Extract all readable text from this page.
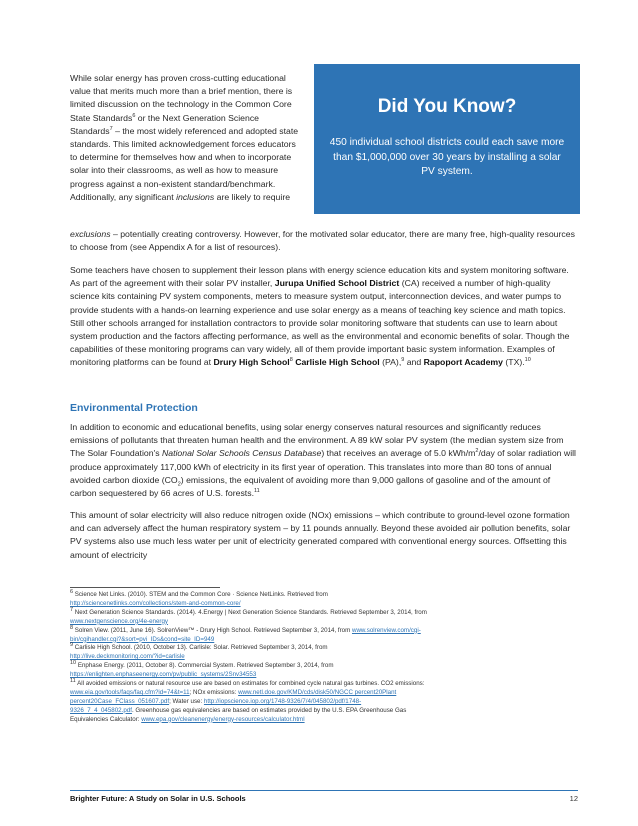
Did You Know?
450 individual school districts could each save more than $1,000,000 over 30 years by installing a solar PV system.

While solar energy has proven cross-cutting educational value that merits much more than a brief mention, there is limited discussion on the technology in the Common Core State Standards$^6$ or the Next Generation Science Standards$^7$ – the most widely referenced and adopted state standards. This limited acknowledgement forces educators to determine for themselves how and when to incorporate solar into their classrooms, as well as how to measure progress against a non-existent standard/benchmark. Additionally, any significant inclusions are likely to require

exclusions – potentially creating controversy. However, for the motivated solar educator, there are many free, high-quality resources to choose from (see Appendix A for a list of resources).

Some teachers have chosen to supplement their lesson plans with energy science education kits and system monitoring software. As part of the agreement with their solar PV installer, Jurupa Unified School District (CA) received a number of high-quality science kits containing PV system components, meters to measure system output, interconnection devices, and water pumps to provide students with a hands-on learning experience and use solar energy as a means of teaching key science and math topics. Still other schools arranged for installation contractors to provide solar monitoring software that students can use to learn about system production and the factors affecting performance, as well as the environmental and economic benefits of solar. Though the capabilities of these monitoring programs can vary widely, all of them provide important basic system information. Examples of monitoring platforms can be found at Drury High School$^8$ Carlisle High School (PA),$^9$ and Rapoport Academy (TX).$^{10}$

Environmental Protection

In addition to economic and educational benefits, using solar energy conserves natural resources and significantly reduces emissions of pollutants that threaten human health and the environment. A 89 kW solar PV system (the median system size from The Solar Foundation's National Solar Schools Census Database) that receives an average of 5.0 kWh/$m^2$/day of solar radiation will produce approximately 117,000 kWh of electricity in its first year of operation. This translates into more than 80 tons of annual avoided carbon dioxide $(CO_2)$ emissions, the equivalent of avoiding more than 9,000 gallons of gasoline and of the amount of carbon sequestered by 66 acres of U.S. forests.$^{11}$

This amount of solar electricity will also reduce nitrogen oxide (NOx) emissions – which contribute to ground-level ozone formation and can adversely affect the human respiratory system – by 11 pounds annually. Beyond these avoided air pollution benefits, solar PV systems also use much less water per unit of electricity generated compared with conventional energy sources. Offsetting this amount of electricity

$^6$ Science Net Links. (2010). STEM and the Common Core · Science NetLinks. Retrieved from
http://sciencenetlinks.com/collections/stem-and-common-core/
$^7$ Next Generation Science Standards. (2014). 4.Energy | Next Generation Science Standards. Retrieved September 3, 2014, from
www.nextgenscience.org/4e-energy
$^8$ Solren View. (2011, June 16). SolrenView™ - Drury High School. Retrieved September 3, 2014, from www.solrenview.com/cgi-
bin/cgihandler.cgi?&sort=pvi_IDs&cond=site_ID=949
$^9$ Carlisle High School. (2010, October 13). Carlisle: Solar. Retrieved September 3, 2014, from
http://live.deckmonitoring.com/?id=carlisle
$^{10}$ Enphase Energy. (2011, October 8). Commercial System. Retrieved September 3, 2014, from
https://enlighten.enphaseenergy.com/pv/public_systems/2Snv34553
$^{11}$ All avoided emissions or natural resource use are based on estimates for combined cycle natural gas turbines. CO2 emissions:
www.eia.gov/tools/faqs/faq.cfm?id=74&t=11; NOx emissions: www.netl.doe.gov/KMD/cds/disk50/NGCC percent20Plant
percent20Case_FClass_051607.pdf; Water use: http://iopscience.iop.org/1748-9326/7/4/045802/pdf/1748-
9326_7_4_045802.pdf. Greenhouse gas equivalencies are based on estimates provided by the U.S. EPA Greenhouse Gas
Equivalencies Calculator: www.epa.gov/cleanenergy/energy-resources/calculator.html
Brighter Future: A Study on Solar in U.S. Schools	12
